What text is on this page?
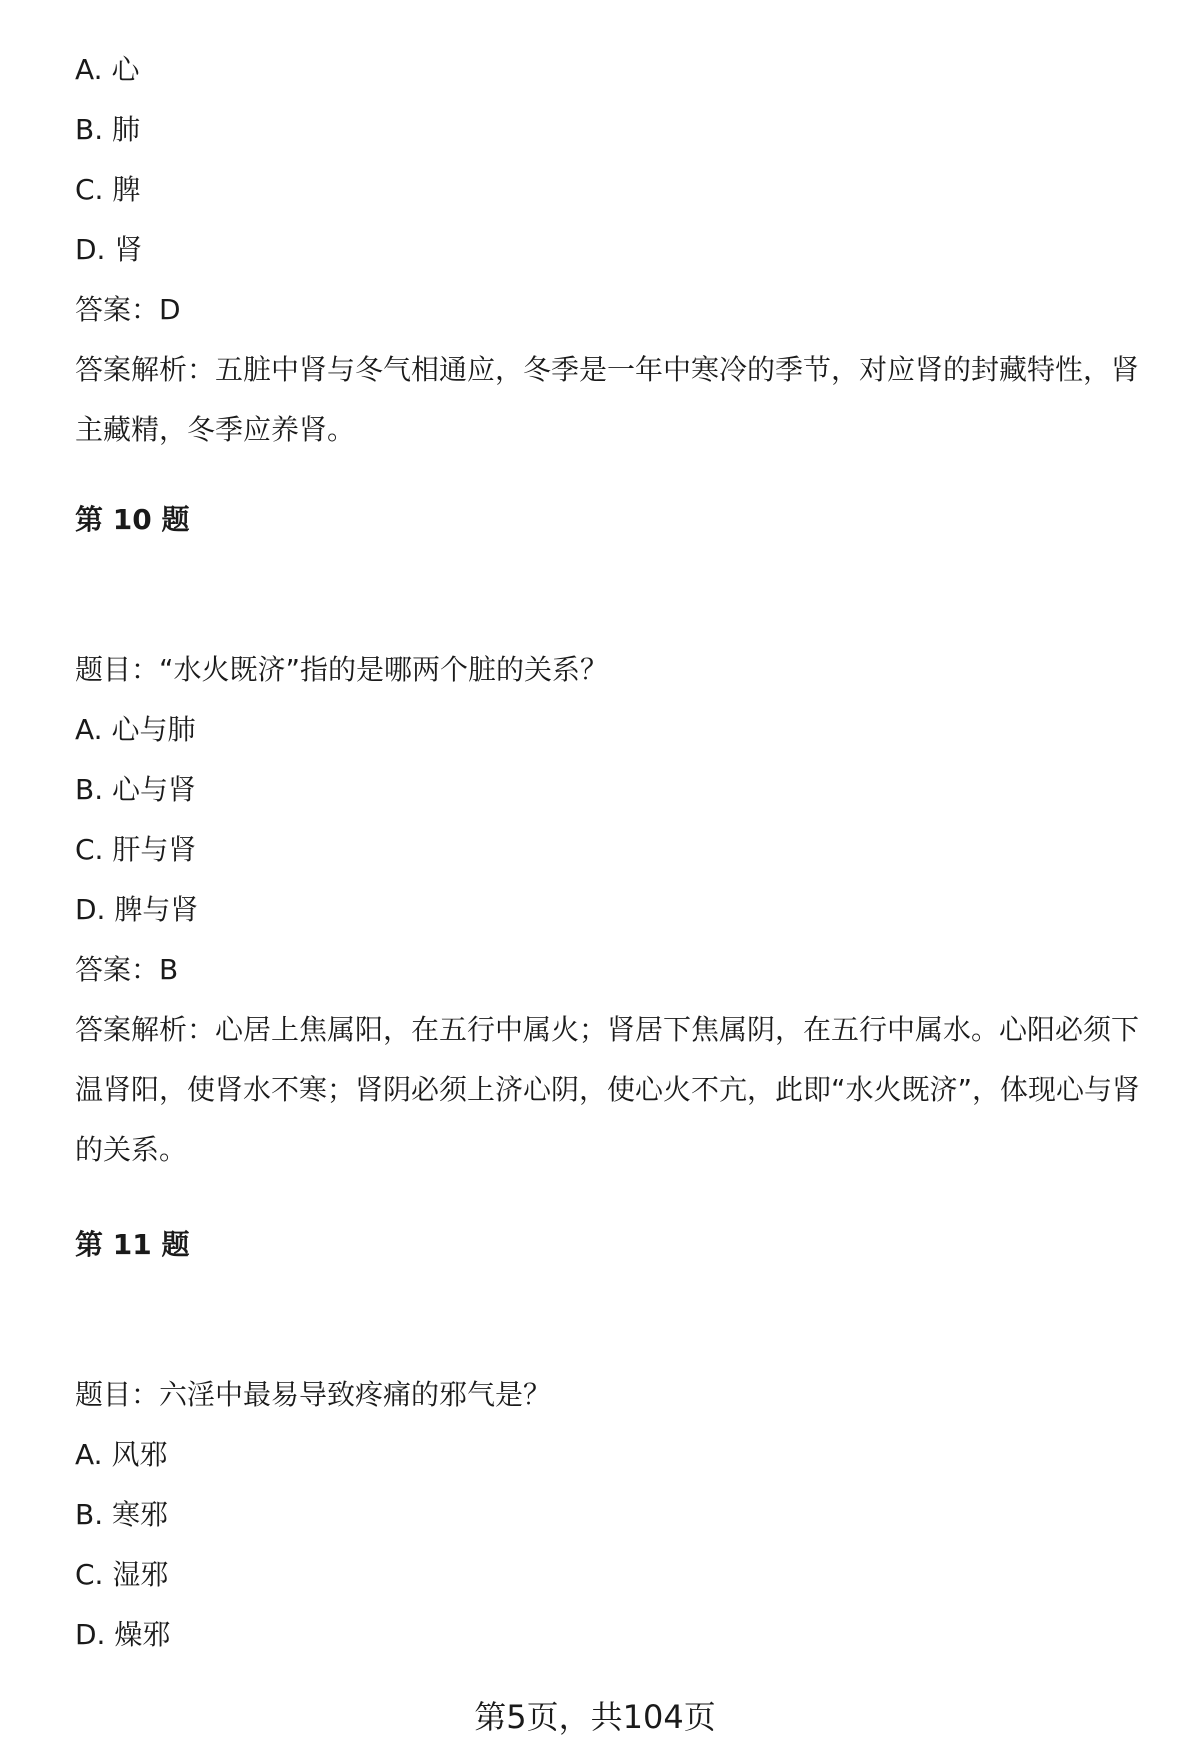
A. 心
B. 肺
C. 脾
D. 肾
答案：D
答案解析：五脏中肾与冬气相通应，冬季是一年中寒冷的季节，对应肾的封藏特性，肾主藏精，冬季应养肾。
第 10 题
题目：“水火既济”指的是哪两个脏的关系？
A. 心与肺
B. 心与肾
C. 肝与肾
D. 脾与肾
答案：B
答案解析：心居上焦属阳，在五行中属火；肾居下焦属阴，在五行中属水。心阳必须下温肾阳，使肾水不寒；肾阴必须上济心阴，使心火不亢，此即“水火既济”，体现心与肾的关系。
第 11 题
题目：六淫中最易导致疼痛的邪气是？
A. 风邪
B. 寒邪
C. 湿邪
D. 燥邪
第5页，共104页
